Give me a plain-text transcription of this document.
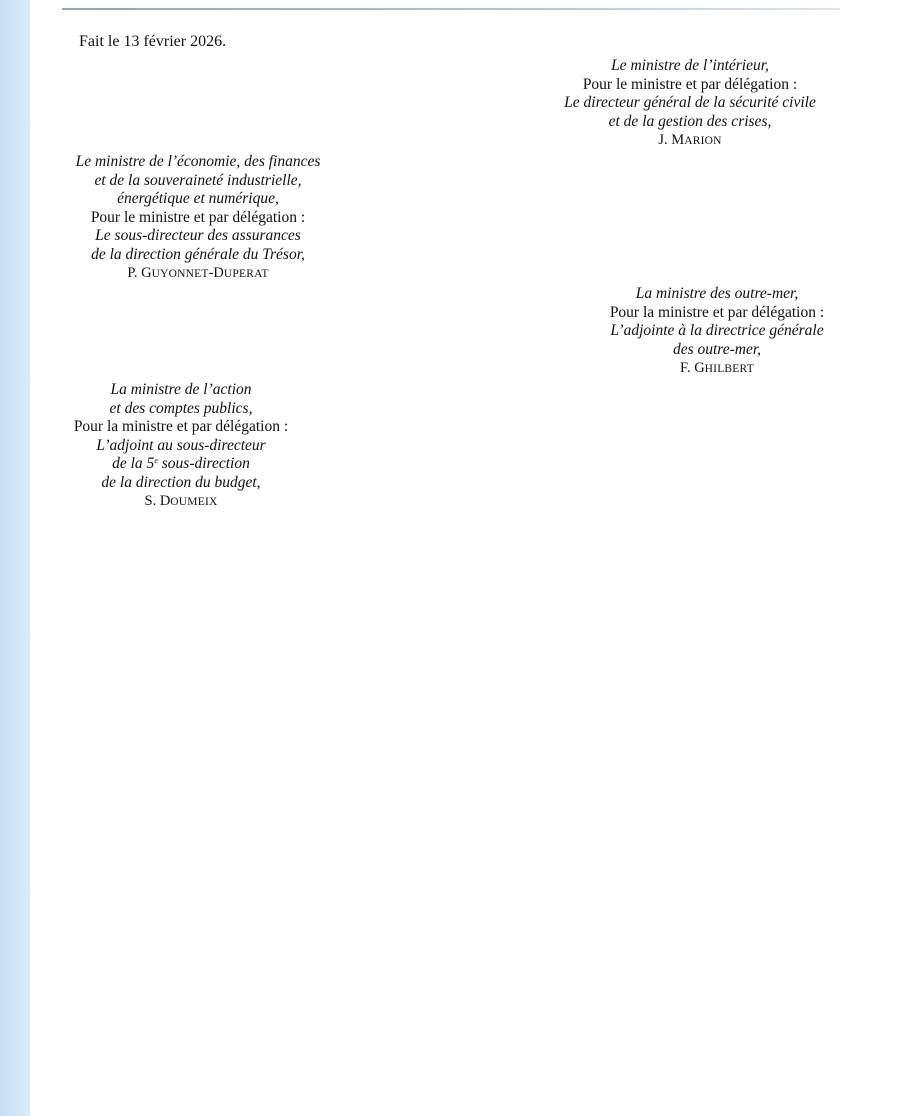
Fait le 13 février 2026.
Le ministre de l’intérieur,
Pour le ministre et par délégation :
Le directeur général de la sécurité civile
et de la gestion des crises,
J. MARION
Le ministre de l’économie, des finances
et de la souveraineté industrielle,
énergétique et numérique,
Pour le ministre et par délégation :
Le sous-directeur des assurances
de la direction générale du Trésor,
P. GUYONNET-DUPERAT
La ministre des outre-mer,
Pour la ministre et par délégation :
L’adjointe à la directrice générale
des outre-mer,
F. GHILBERT
La ministre de l’action
et des comptes publics,
Pour la ministre et par délégation :
L’adjoint au sous-directeur
de la 5e sous-direction
de la direction du budget,
S. DOUMEIX
